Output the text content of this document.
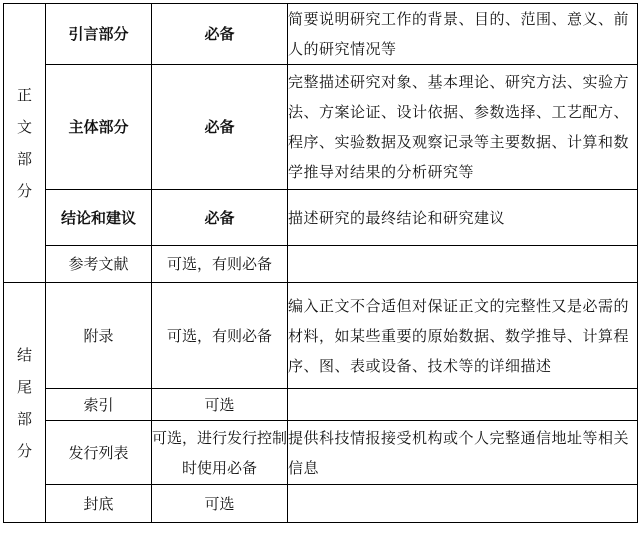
正
文
部
分	引言部分	必备	简要说明研究工作的背景、目的、范围、意义、前人的研究情况等
	主体部分	必备	完整描述研究对象、基本理论、研究方法、实验方法、方案论证、设计依据、参数选择、工艺配方、程序、实验数据及观察记录等主要数据、计算和数学推导对结果的分析研究等
	结论和建议	必备	描述研究的最终结论和研究建议
	参考文献	可选，有则必备	

结
尾
部
分	附录	可选，有则必备	编入正文不合适但对保证正文的完整性又是必需的材料，如某些重要的原始数据、数学推导、计算程序、图、表或设备、技术等的详细描述
	索引	可选	
	发行列表	可选，进行发行控制时使用必备	提供科技情报接受机构或个人完整通信地址等相关信息
	封底	可选	
